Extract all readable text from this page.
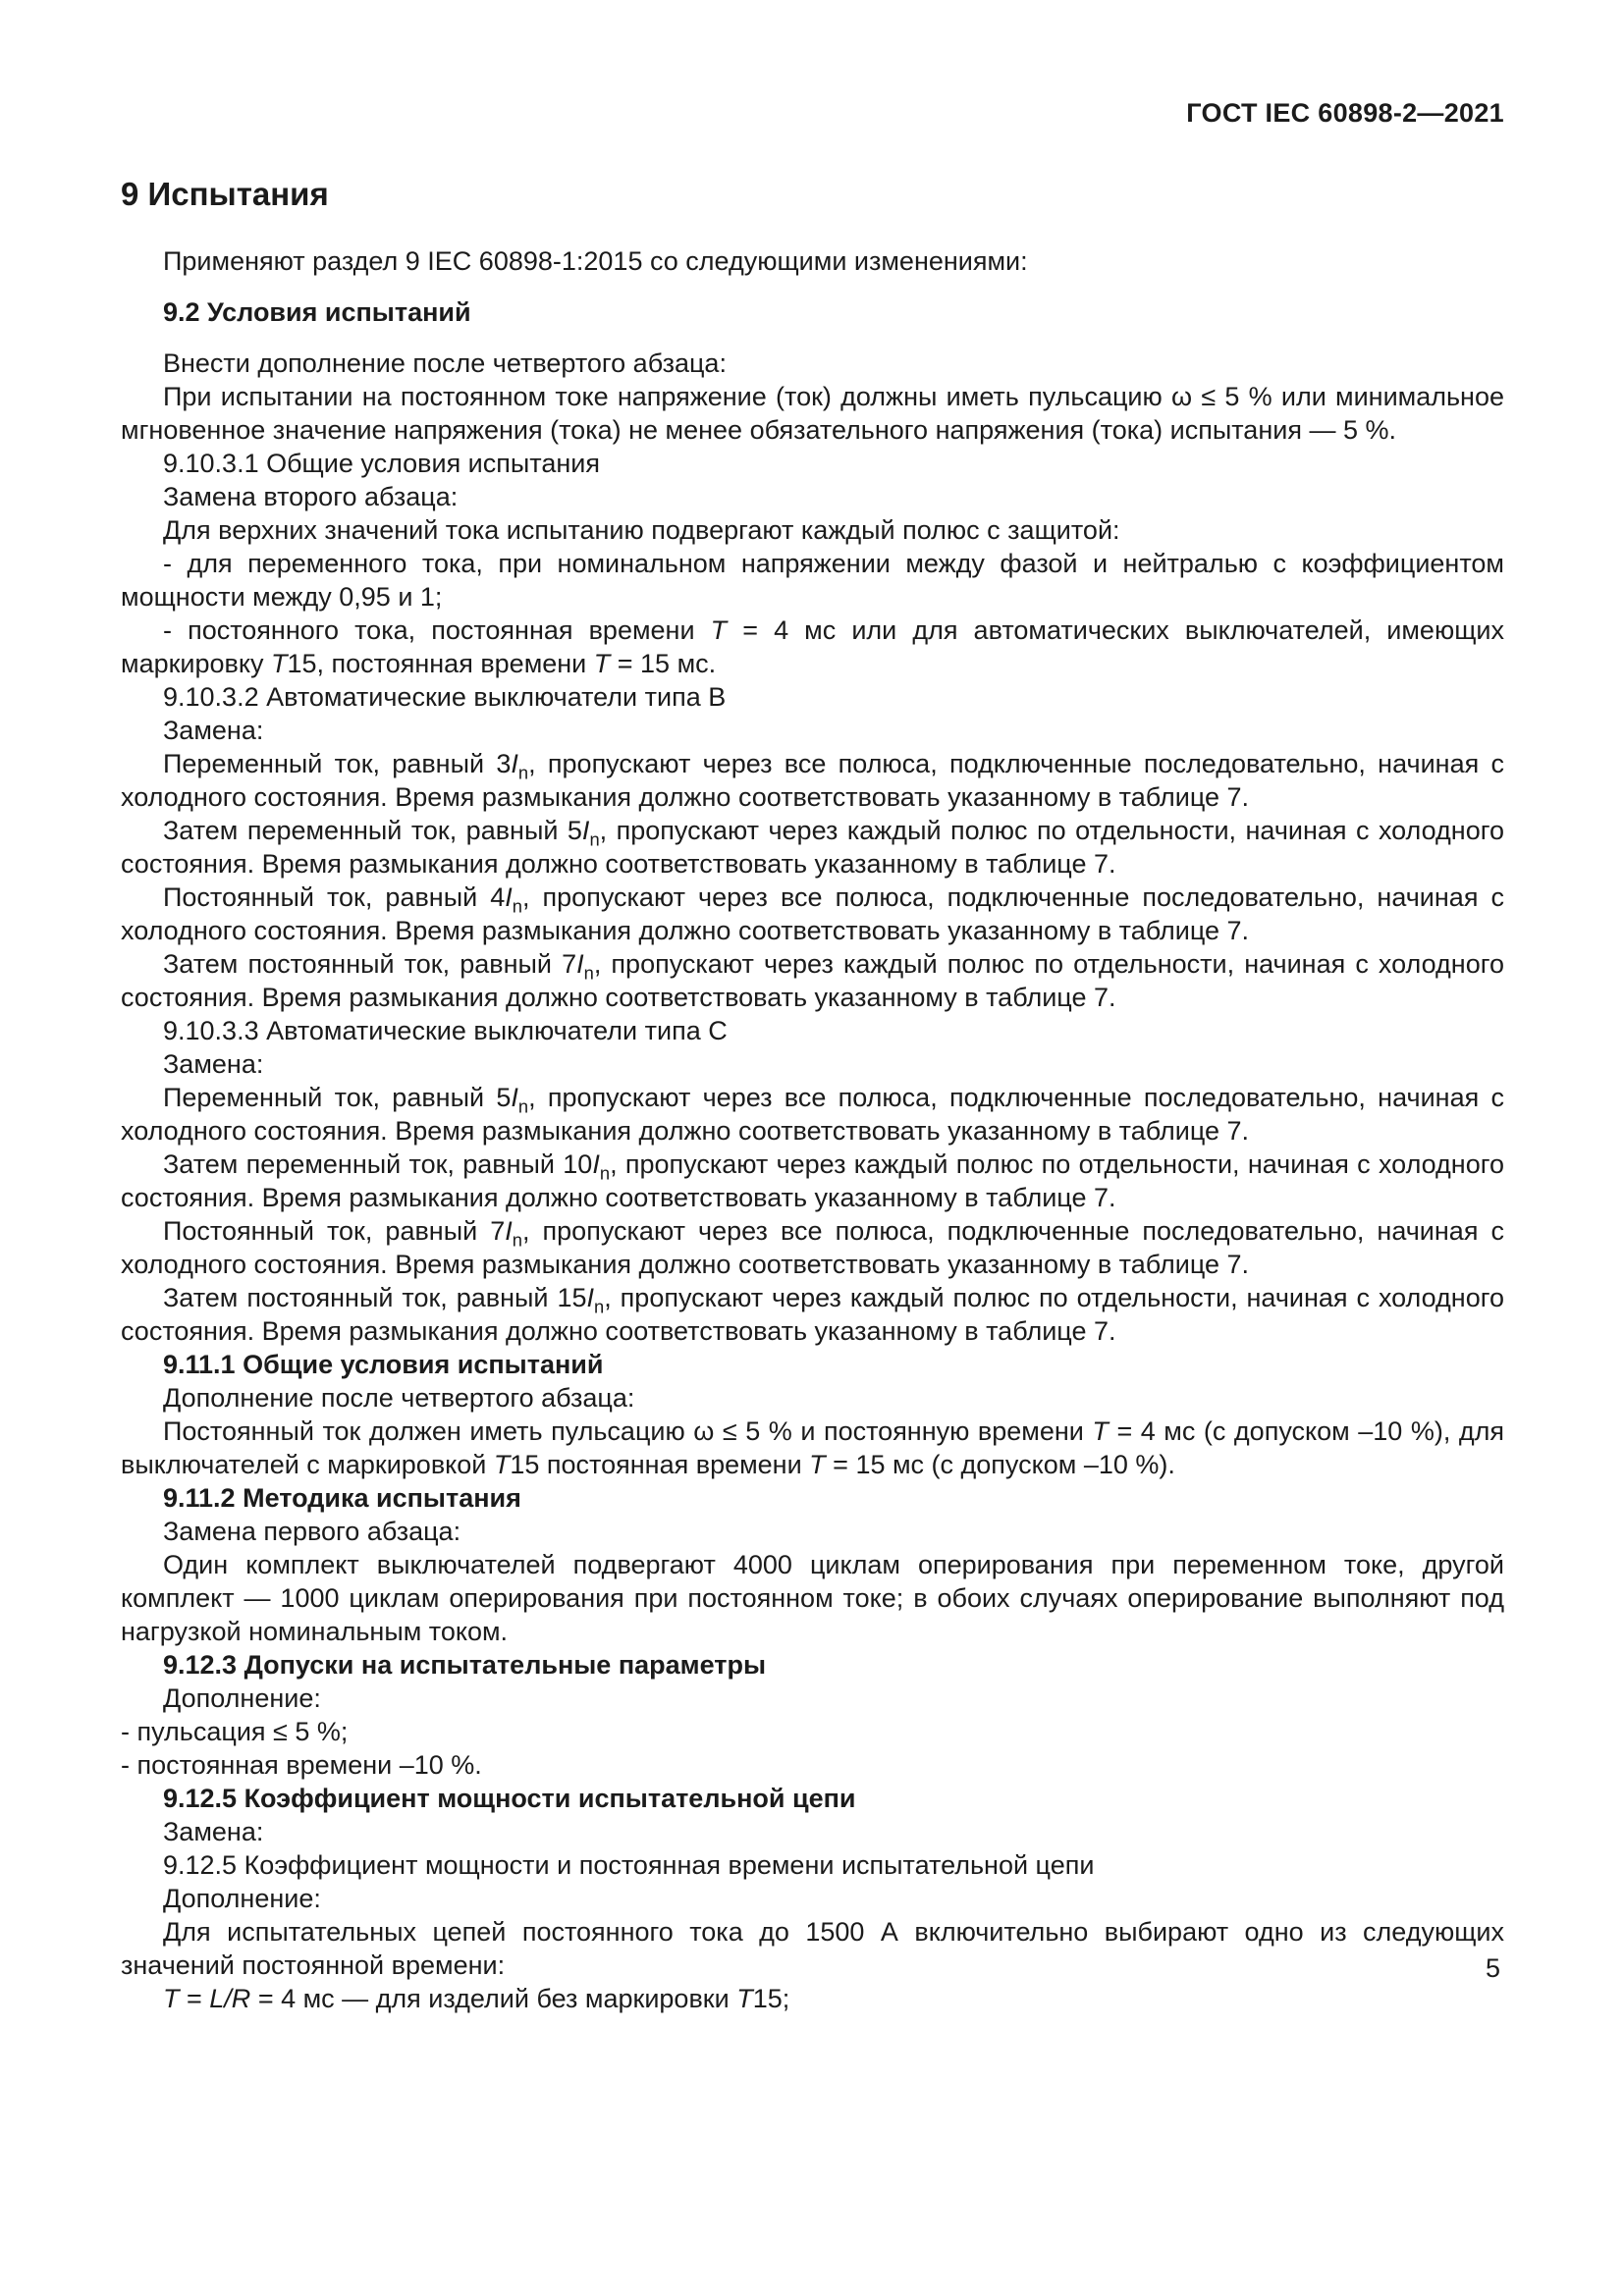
ГОСТ IEC 60898-2—2021
9 Испытания

Применяют раздел 9 IEC 60898-1:2015 со следующими изменениями:

9.2 Условия испытаний

Внести дополнение после четвертого абзаца:

При испытании на постоянном токе напряжение (ток) должны иметь пульсацию ω ≤ 5 % или минимальное мгновенное значение напряжения (тока) не менее обязательного напряжения (тока) испытания — 5 %.

9.10.3.1 Общие условия испытания

Замена второго абзаца:

Для верхних значений тока испытанию подвергают каждый полюс с защитой:

- для переменного тока, при номинальном напряжении между фазой и нейтралью с коэффициентом мощности между 0,95 и 1;

- постоянного тока, постоянная времени T = 4 мс или для автоматических выключателей, имеющих маркировку T15, постоянная времени T = 15 мс.

9.10.3.2 Автоматические выключатели типа B

Замена:

Переменный ток, равный $3I_n$, пропускают через все полюса, подключенные последовательно, начиная с холодного состояния. Время размыкания должно соответствовать указанному в таблице 7.

Затем переменный ток, равный $5I_n$, пропускают через каждый полюс по отдельности, начиная с холодного состояния. Время размыкания должно соответствовать указанному в таблице 7.

Постоянный ток, равный $4I_n$, пропускают через все полюса, подключенные последовательно, начиная с холодного состояния. Время размыкания должно соответствовать указанному в таблице 7.

Затем постоянный ток, равный $7I_n$, пропускают через каждый полюс по отдельности, начиная с холодного состояния. Время размыкания должно соответствовать указанному в таблице 7.

9.10.3.3 Автоматические выключатели типа C

Замена:

Переменный ток, равный $5I_n$, пропускают через все полюса, подключенные последовательно, начиная с холодного состояния. Время размыкания должно соответствовать указанному в таблице 7.

Затем переменный ток, равный $10I_n$, пропускают через каждый полюс по отдельности, начиная с холодного состояния. Время размыкания должно соответствовать указанному в таблице 7.

Постоянный ток, равный $7I_n$, пропускают через все полюса, подключенные последовательно, начиная с холодного состояния. Время размыкания должно соответствовать указанному в таблице 7.

Затем постоянный ток, равный $15I_n$, пропускают через каждый полюс по отдельности, начиная с холодного состояния. Время размыкания должно соответствовать указанному в таблице 7.

9.11.1 Общие условия испытаний

Дополнение после четвертого абзаца:

Постоянный ток должен иметь пульсацию ω ≤ 5 % и постоянную времени T = 4 мс (с допуском –10 %), для выключателей с маркировкой T15 постоянная времени T = 15 мс (с допуском –10 %).

9.11.2 Методика испытания

Замена первого абзаца:

Один комплект выключателей подвергают 4000 циклам оперирования при переменном токе, другой комплект — 1000 циклам оперирования при постоянном токе; в обоих случаях оперирование выполняют под нагрузкой номинальным током.

9.12.3 Допуски на испытательные параметры

Дополнение:

- пульсация ≤ 5 %;

- постоянная времени –10 %.

9.12.5 Коэффициент мощности испытательной цепи

Замена:

9.12.5 Коэффициент мощности и постоянная времени испытательной цепи

Дополнение:

Для испытательных цепей постоянного тока до 1500 А включительно выбирают одно из следующих значений постоянной времени:

T = L/R = 4 мс — для изделий без маркировки T15;

5
